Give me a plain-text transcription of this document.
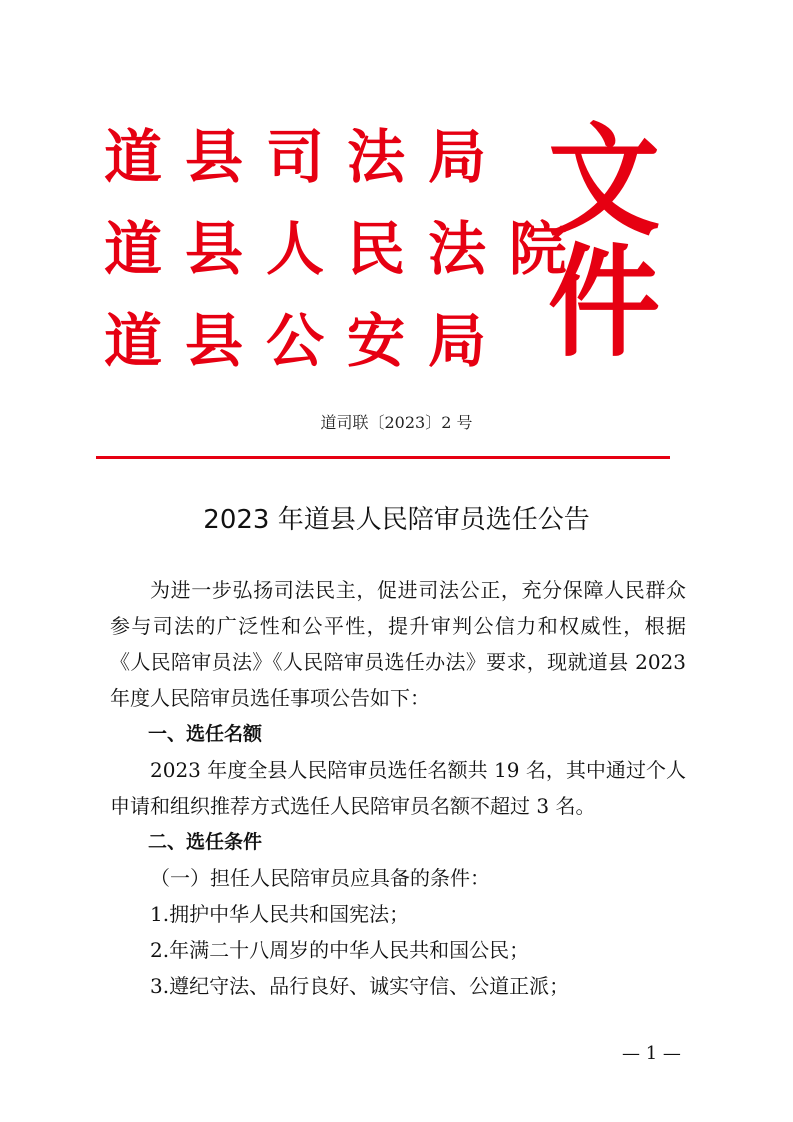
道县司法局
道县人民法院
道县公安局
文
件
道司联〔2023〕2 号
2023 年道县人民陪审员选任公告

为进一步弘扬司法民主，促进司法公正，充分保障人民群众参与司法的广泛性和公平性，提升审判公信力和权威性，根据《人民陪审员法》《人民陪审员选任办法》要求，现就道县 2023 年度人民陪审员选任事项公告如下：

一、选任名额

2023 年度全县人民陪审员选任名额共 19 名，其中通过个人申请和组织推荐方式选任人民陪审员名额不超过 3 名。

二、选任条件

（一）担任人民陪审员应具备的条件：

1.拥护中华人民共和国宪法；

2.年满二十八周岁的中华人民共和国公民；

3.遵纪守法、品行良好、诚实守信、公道正派；

— 1 —
